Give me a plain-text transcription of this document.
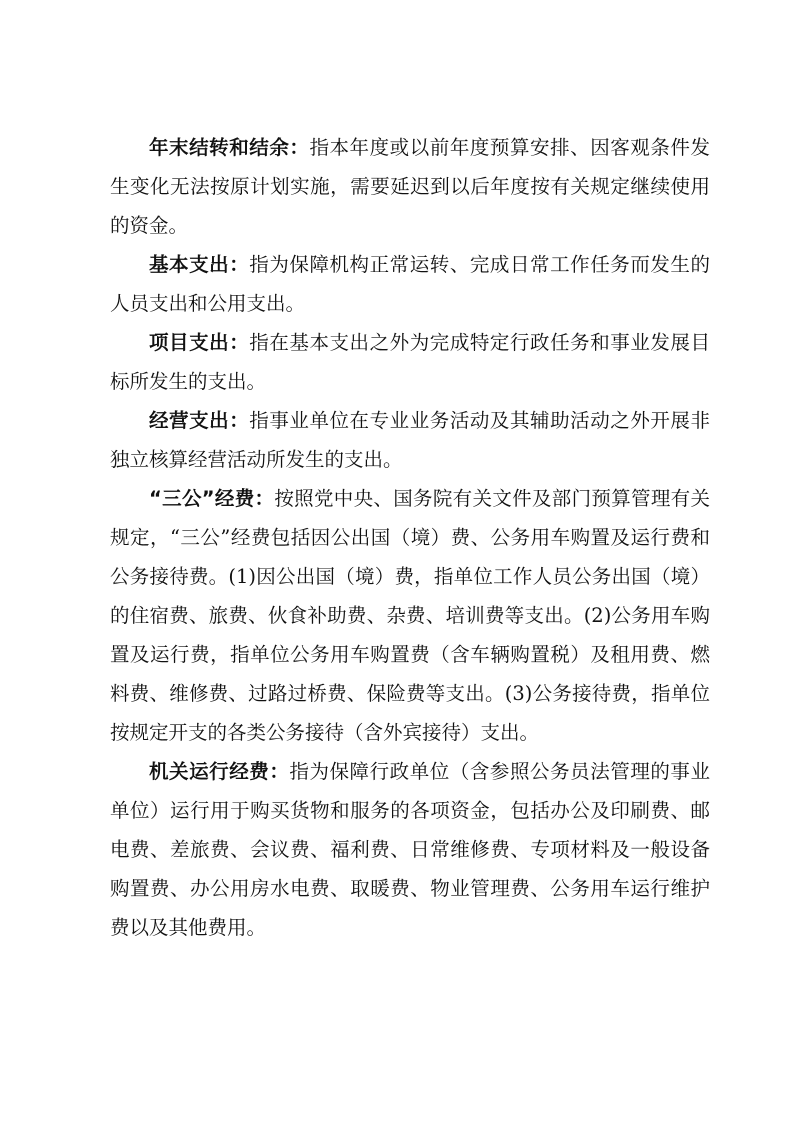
年末结转和结余：指本年度或以前年度预算安排、因客观条件发生变化无法按原计划实施，需要延迟到以后年度按有关规定继续使用的资金。

基本支出：指为保障机构正常运转、完成日常工作任务而发生的人员支出和公用支出。

项目支出：指在基本支出之外为完成特定行政任务和事业发展目标所发生的支出。

经营支出：指事业单位在专业业务活动及其辅助活动之外开展非独立核算经营活动所发生的支出。

“三公”经费：按照党中央、国务院有关文件及部门预算管理有关规定，“三公”经费包括因公出国（境）费、公务用车购置及运行费和公务接待费。(1)因公出国（境）费，指单位工作人员公务出国（境）的住宿费、旅费、伙食补助费、杂费、培训费等支出。(2)公务用车购置及运行费，指单位公务用车购置费（含车辆购置税）及租用费、燃料费、维修费、过路过桥费、保险费等支出。(3)公务接待费，指单位按规定开支的各类公务接待（含外宾接待）支出。

机关运行经费：指为保障行政单位（含参照公务员法管理的事业单位）运行用于购买货物和服务的各项资金，包括办公及印刷费、邮电费、差旅费、会议费、福利费、日常维修费、专项材料及一般设备购置费、办公用房水电费、取暖费、物业管理费、公务用车运行维护费以及其他费用。
